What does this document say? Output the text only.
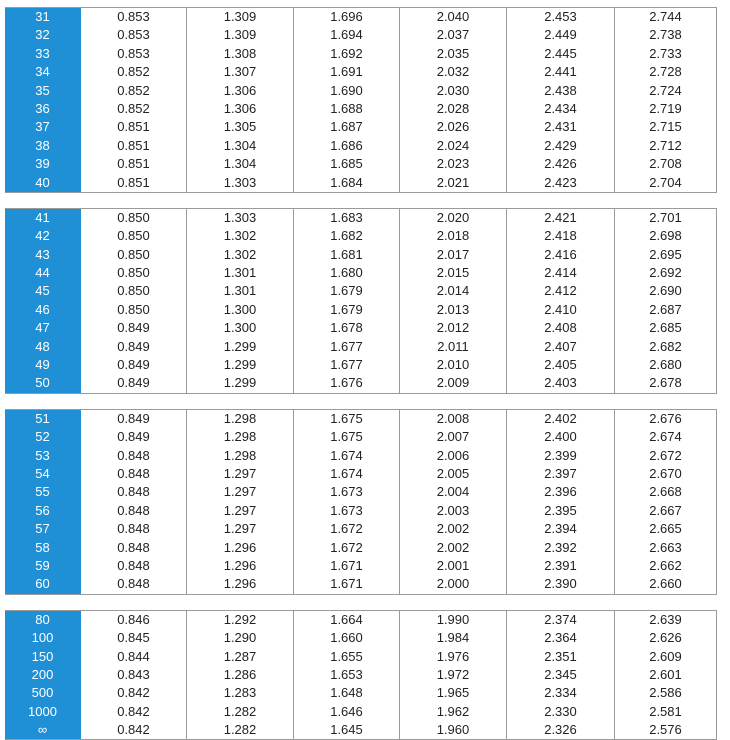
31	0.853	1.309	1.696	2.040	2.453	2.744
32	0.853	1.309	1.694	2.037	2.449	2.738
33	0.853	1.308	1.692	2.035	2.445	2.733
34	0.852	1.307	1.691	2.032	2.441	2.728
35	0.852	1.306	1.690	2.030	2.438	2.724
36	0.852	1.306	1.688	2.028	2.434	2.719
37	0.851	1.305	1.687	2.026	2.431	2.715
38	0.851	1.304	1.686	2.024	2.429	2.712
39	0.851	1.304	1.685	2.023	2.426	2.708
40	0.851	1.303	1.684	2.021	2.423	2.704
41	0.850	1.303	1.683	2.020	2.421	2.701
42	0.850	1.302	1.682	2.018	2.418	2.698
43	0.850	1.302	1.681	2.017	2.416	2.695
44	0.850	1.301	1.680	2.015	2.414	2.692
45	0.850	1.301	1.679	2.014	2.412	2.690
46	0.850	1.300	1.679	2.013	2.410	2.687
47	0.849	1.300	1.678	2.012	2.408	2.685
48	0.849	1.299	1.677	2.011	2.407	2.682
49	0.849	1.299	1.677	2.010	2.405	2.680
50	0.849	1.299	1.676	2.009	2.403	2.678
51	0.849	1.298	1.675	2.008	2.402	2.676
52	0.849	1.298	1.675	2.007	2.400	2.674
53	0.848	1.298	1.674	2.006	2.399	2.672
54	0.848	1.297	1.674	2.005	2.397	2.670
55	0.848	1.297	1.673	2.004	2.396	2.668
56	0.848	1.297	1.673	2.003	2.395	2.667
57	0.848	1.297	1.672	2.002	2.394	2.665
58	0.848	1.296	1.672	2.002	2.392	2.663
59	0.848	1.296	1.671	2.001	2.391	2.662
60	0.848	1.296	1.671	2.000	2.390	2.660
80	0.846	1.292	1.664	1.990	2.374	2.639
100	0.845	1.290	1.660	1.984	2.364	2.626
150	0.844	1.287	1.655	1.976	2.351	2.609
200	0.843	1.286	1.653	1.972	2.345	2.601
500	0.842	1.283	1.648	1.965	2.334	2.586
1000	0.842	1.282	1.646	1.962	2.330	2.581
∞	0.842	1.282	1.645	1.960	2.326	2.576
